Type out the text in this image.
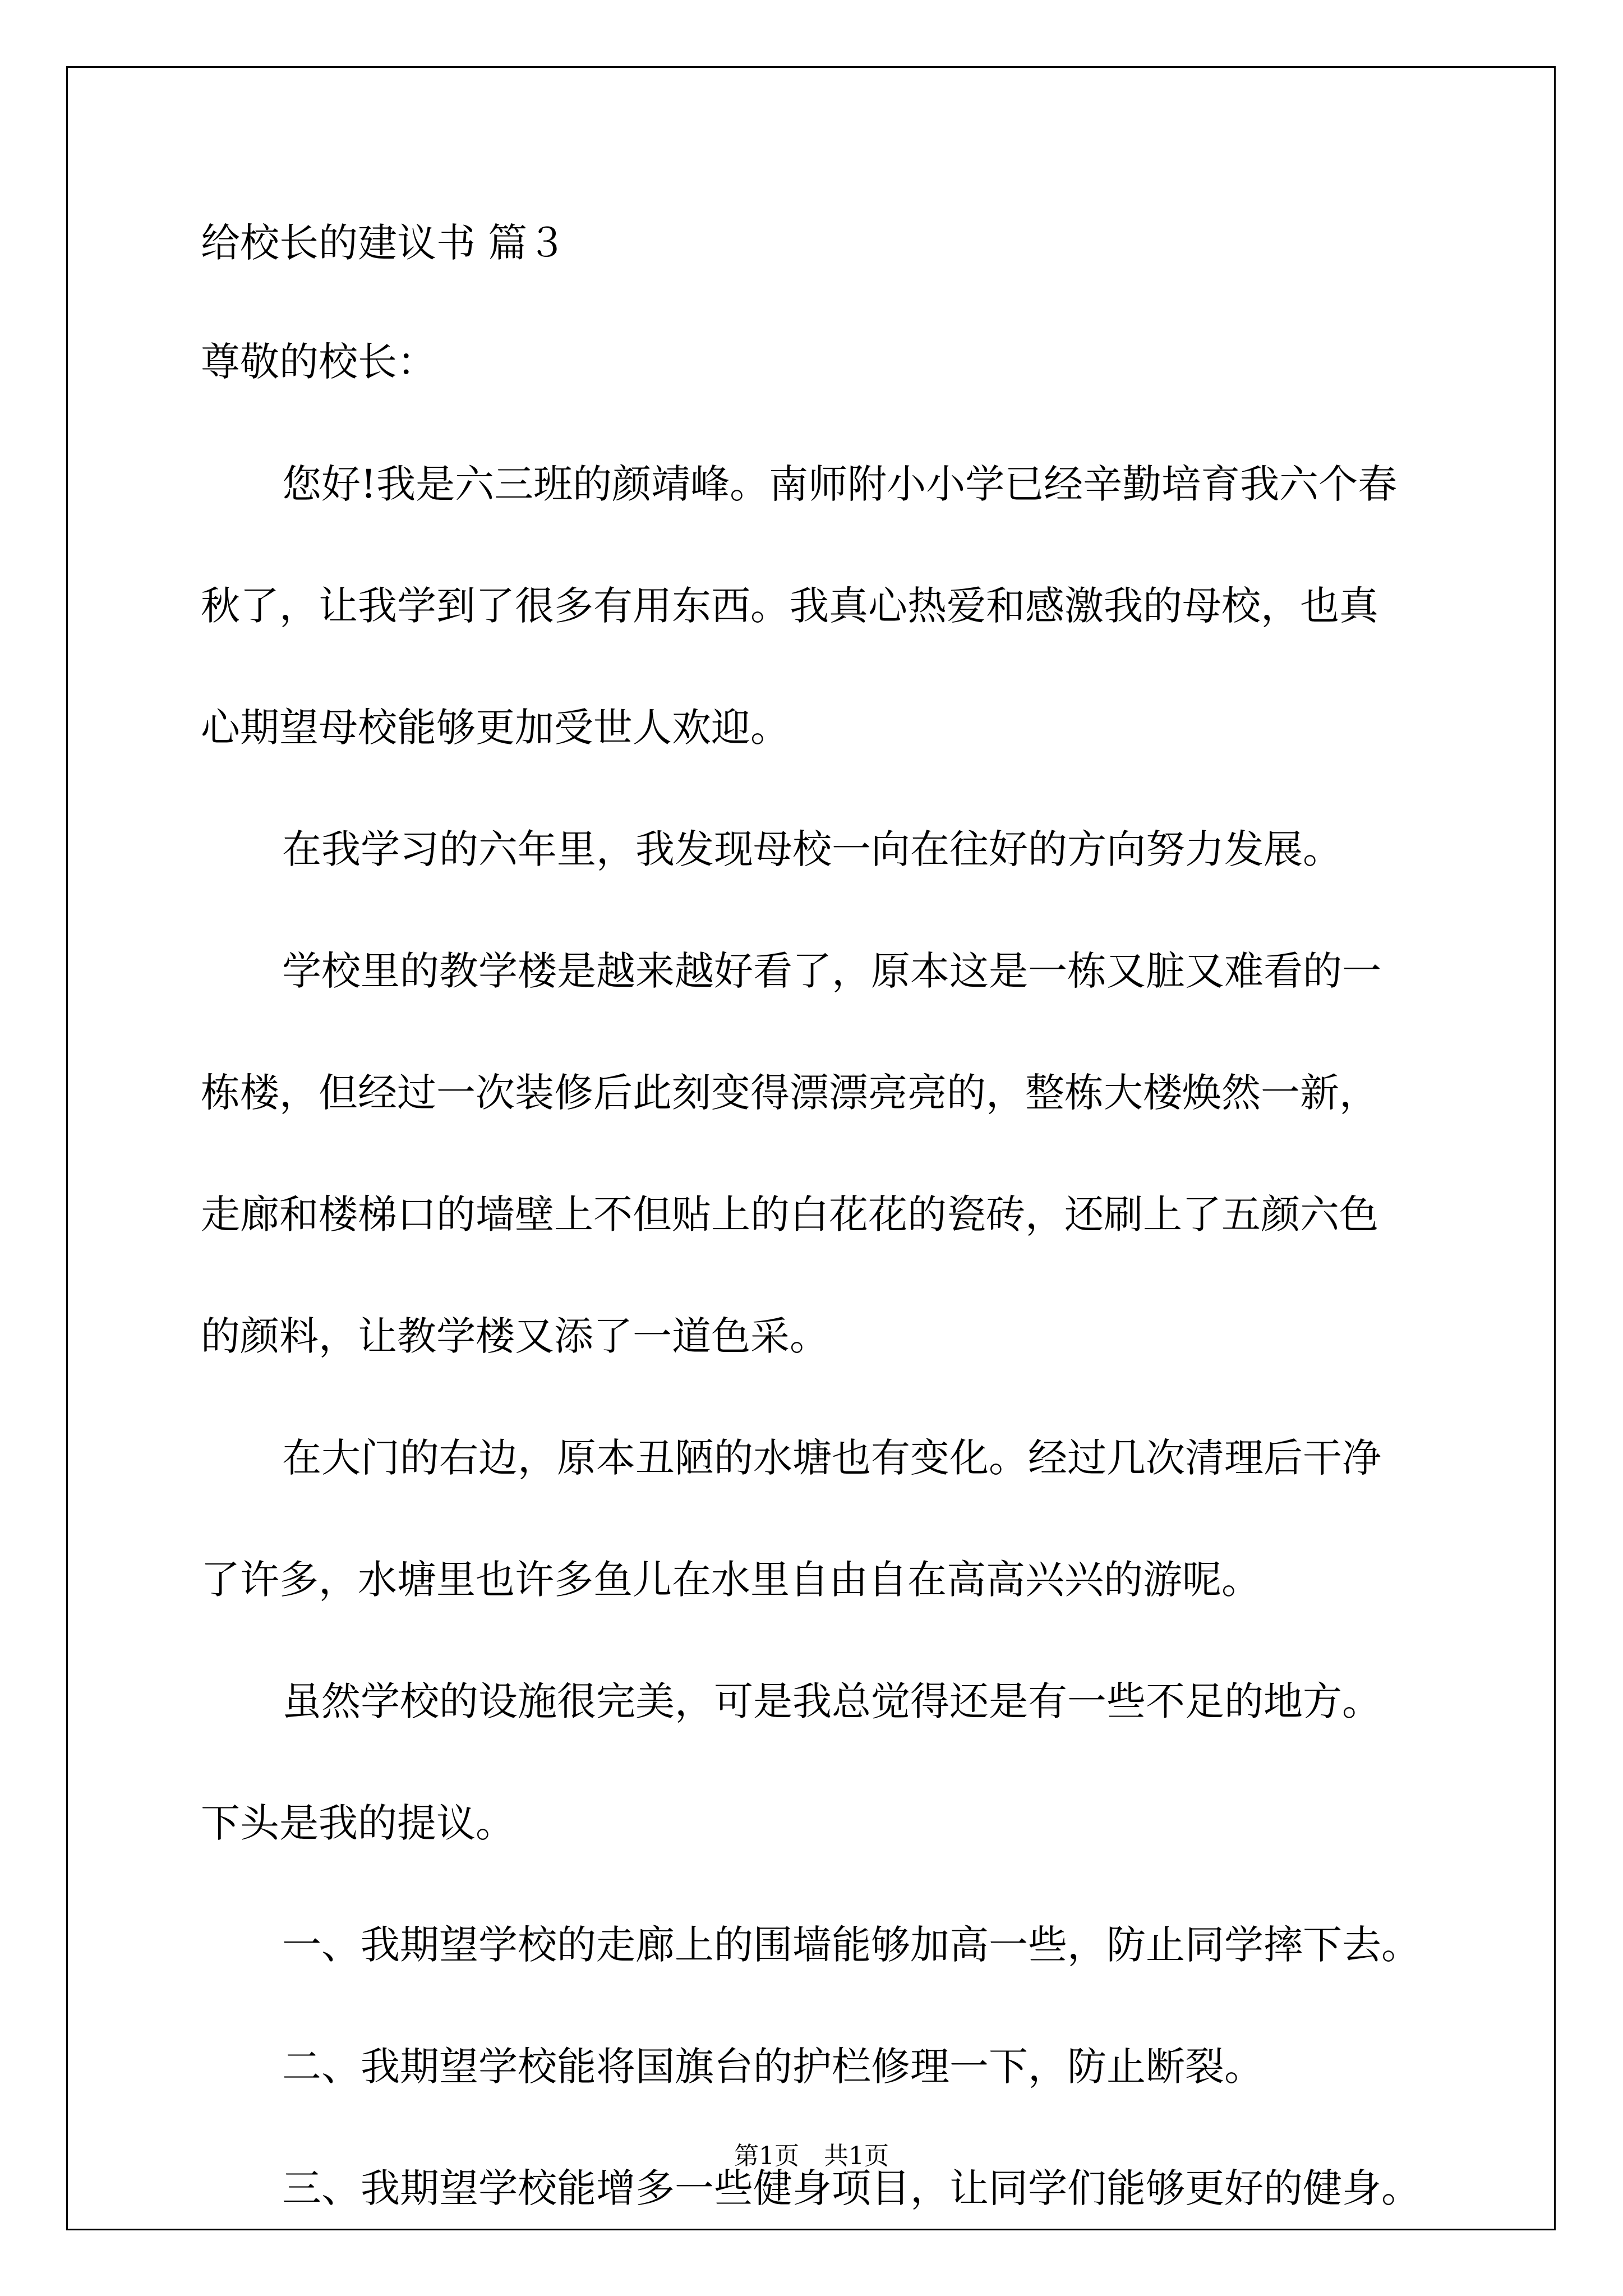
给校长的建议书 篇３

尊敬的校长：

您好!我是六三班的颜靖峰。南师附小小学已经辛勤培育我六个春
秋了，让我学到了很多有用东西。我真心热爱和感激我的母校，也真
心期望母校能够更加受世人欢迎。
在我学习的六年里，我发现母校一向在往好的方向努力发展。
学校里的教学楼是越来越好看了，原本这是一栋又脏又难看的一
栋楼，但经过一次装修后此刻变得漂漂亮亮的，整栋大楼焕然一新，
走廊和楼梯口的墙壁上不但贴上的白花花的瓷砖，还刷上了五颜六色
的颜料，让教学楼又添了一道色采。
在大门的右边，原本丑陋的水塘也有变化。经过几次清理后干净
了许多，水塘里也许多鱼儿在水里自由自在高高兴兴的游呢。
虽然学校的设施很完美，可是我总觉得还是有一些不足的地方。
下头是我的提议。
一、我期望学校的走廊上的围墙能够加高一些，防止同学摔下去。
二、我期望学校能将国旗台的护栏修理一下，防止断裂。
三、我期望学校能增多一些健身项目，让同学们能够更好的健身。
第1页　共1页
